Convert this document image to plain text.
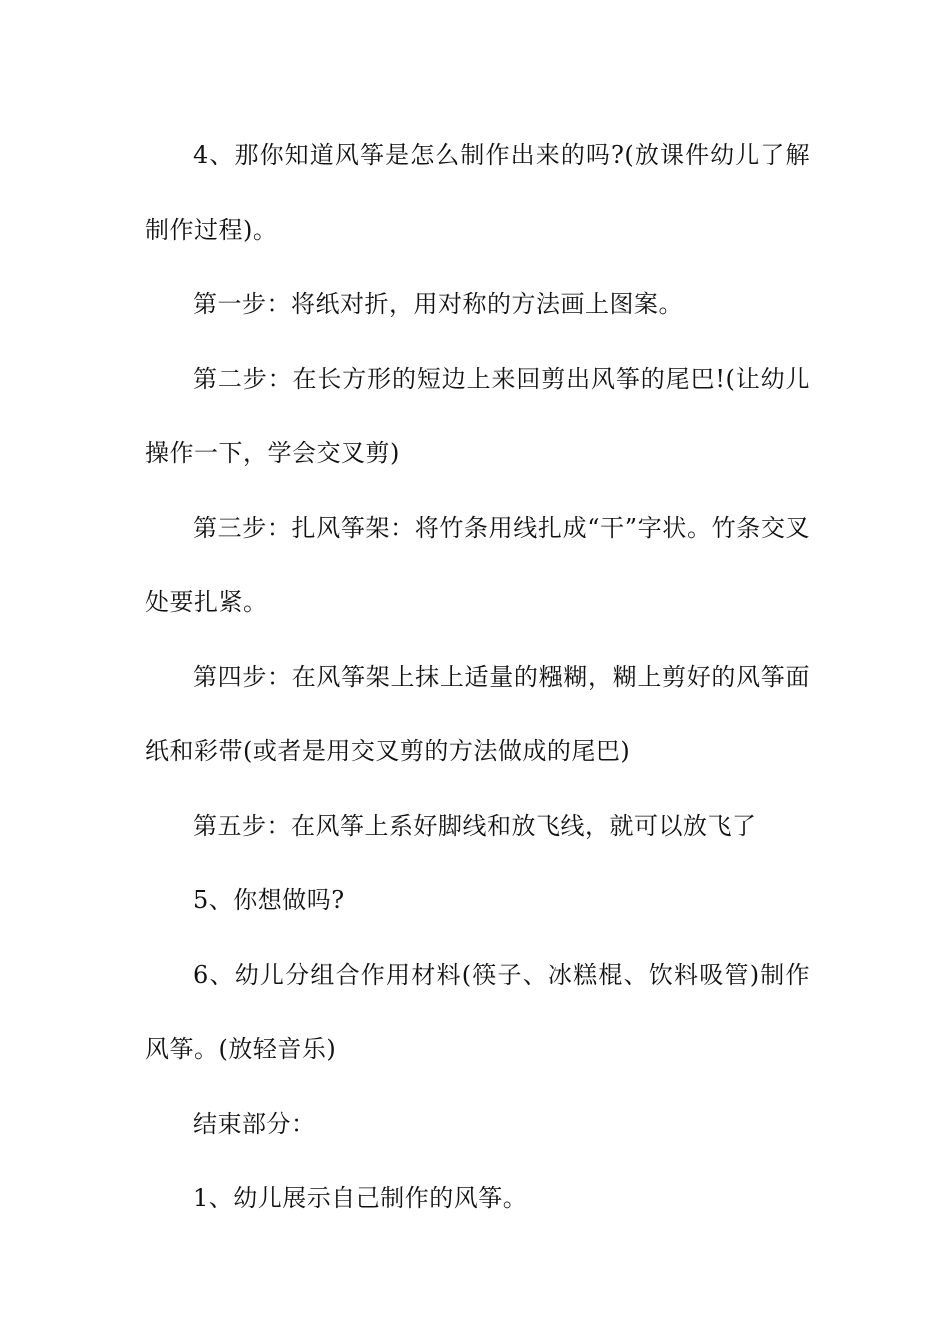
4、那你知道风筝是怎么制作出来的吗?(放课件幼儿了解制作过程)。

第一步：将纸对折，用对称的方法画上图案。

第二步：在长方形的短边上来回剪出风筝的尾巴!(让幼儿操作一下，学会交叉剪)

第三步：扎风筝架：将竹条用线扎成“干”字状。竹条交叉处要扎紧。

第四步：在风筝架上抹上适量的糨糊，糊上剪好的风筝面纸和彩带(或者是用交叉剪的方法做成的尾巴)

第五步：在风筝上系好脚线和放飞线，就可以放飞了

5、你想做吗?

6、幼儿分组合作用材料(筷子、冰糕棍、饮料吸管)制作风筝。(放轻音乐)

结束部分：

1、幼儿展示自己制作的风筝。
